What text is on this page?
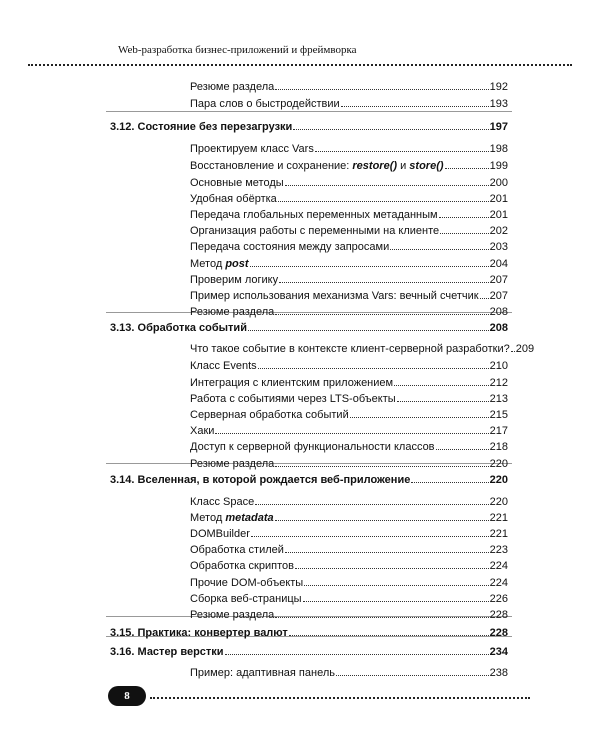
Web-разработка бизнес-приложений и фреймворка
Резюме раздела	192
Пара слов о быстродействии	193
3.12. Состояние без перезагрузки	197
Проектируем класс Vars	198
Восстановление и сохранение: restore() и store()	199
Основные методы	200
Удобная обёртка	201
Передача глобальных переменных метаданным	201
Организация работы с переменными на клиенте	202
Передача состояния между запросами	203
Метод post	204
Проверим логику	207
Пример использования механизма Vars: вечный счетчик 207
Резюме раздела	208
3.13. Обработка событий	208
Что такое событие в контексте клиент-серверной разработки? 209
Класс Events	210
Интеграция с клиентским приложением	212
Работа с событиями через LTS-объекты	213
Серверная обработка событий	215
Хаки	217
Доступ к серверной функциональности классов	218
Резюме раздела	220
3.14. Вселенная, в которой рождается веб-приложение	220
Класс Space	220
Метод metadata	221
DOMBuilder	221
Обработка стилей	223
Обработка скриптов	224
Прочие DOM-объекты	224
Сборка веб-страницы	226
Резюме раздела	228
3.15. Практика: конвертер валют	228
3.16. Мастер верстки	234
Пример: адаптивная панель	238
8
